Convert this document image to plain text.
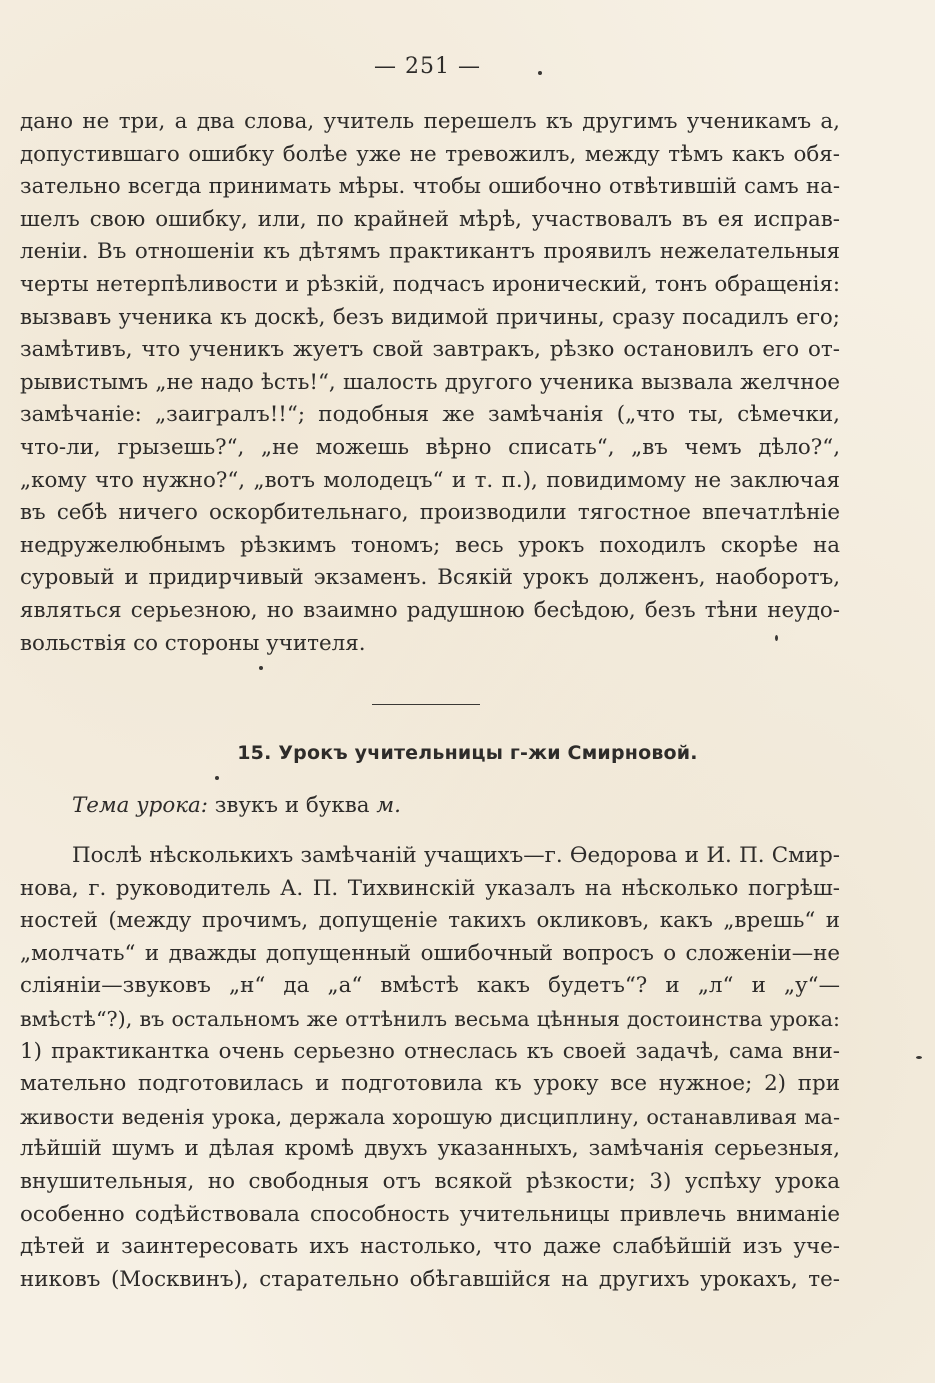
— 251 —
дано не три, а два слова, учитель перешелъ къ другимъ ученикамъ а,
допустившаго ошибку болѣе уже не тревожилъ, между тѣмъ какъ обя-
зательно всегда принимать мѣры. чтобы ошибочно отвѣтившiй самъ на-
шелъ свою ошибку, или, по крайней мѣрѣ, участвовалъ въ ея исправ-
ленiи. Въ отношенiи къ дѣтямъ практикантъ проявилъ нежелательныя
черты нетерпѣливости и рѣзкiй, подчасъ иронический, тонъ обращенія:
вызвавъ ученика къ доскѣ, безъ видимой причины, сразу посадилъ его;
замѣтивъ, что ученикъ жуетъ свой завтракъ, рѣзко остановилъ его от-
рывистымъ „не надо ѣсть!“, шалость другого ученика вызвала желчное
замѣчаніе: „заигралъ!!“; подобныя же замѣчанія („что ты, сѣмечки,
что-ли, грызешь?“, „не можешь вѣрно списать“, „въ чемъ дѣло?“,
„кому что нужно?“, „вотъ молодецъ“ и т. п.), повидимому не заключая
въ себѣ ничего оскорбительнаго, производили тягостное впечатлѣніе
недружелюбнымъ рѣзкимъ тономъ; весь урокъ походилъ скорѣе на
суровый и придирчивый экзаменъ. Всякiй урокъ долженъ, наоборотъ,
являться серьезною, но взаимно радушною бесѣдою, безъ тѣни неудо-
вольствія со стороны учителя.
15. Урокъ учительницы г-жи Смирновой.
Тема урока: звукъ и буква м.
Послѣ нѣсколькихъ замѣчаній учащихъ—г. Өедорова и И. П. Смир-
нова, г. руководитель А. П. Тихвинскiй указалъ на нѣсколько погрѣш-
ностей (между прочимъ, допущеніе такихъ окликовъ, какъ „врешь“ и
„молчать“ и дважды допущенный ошибочный вопросъ о сложенiи—не
сліяніи—звуковъ „н“ да „а“ вмѣстѣ какъ будетъ“? и „л“ и „у“—
вмѣстѣ“?), въ остальномъ же оттѣнилъ весьма цѣнныя достоинства урока:
1) практикантка очень серьезно отнеслась къ своей задачѣ, сама вни-
мательно подготовилась и подготовила къ уроку все нужное; 2) при
живости веденія урока, держала хорошую дисциплину, останавливая ма-
лѣйшiй шумъ и дѣлая кромѣ двухъ указанныхъ, замѣчанія серьезныя,
внушительныя, но свободныя отъ всякой рѣзкости; 3) успѣху урока
особенно содѣйствовала способность учительницы привлечь вниманіе
дѣтей и заинтересовать ихъ настолько, что даже слабѣйшiй изъ уче-
никовъ (Москвинъ), старательно обѣгавшiйся на другихъ урокахъ, те-
